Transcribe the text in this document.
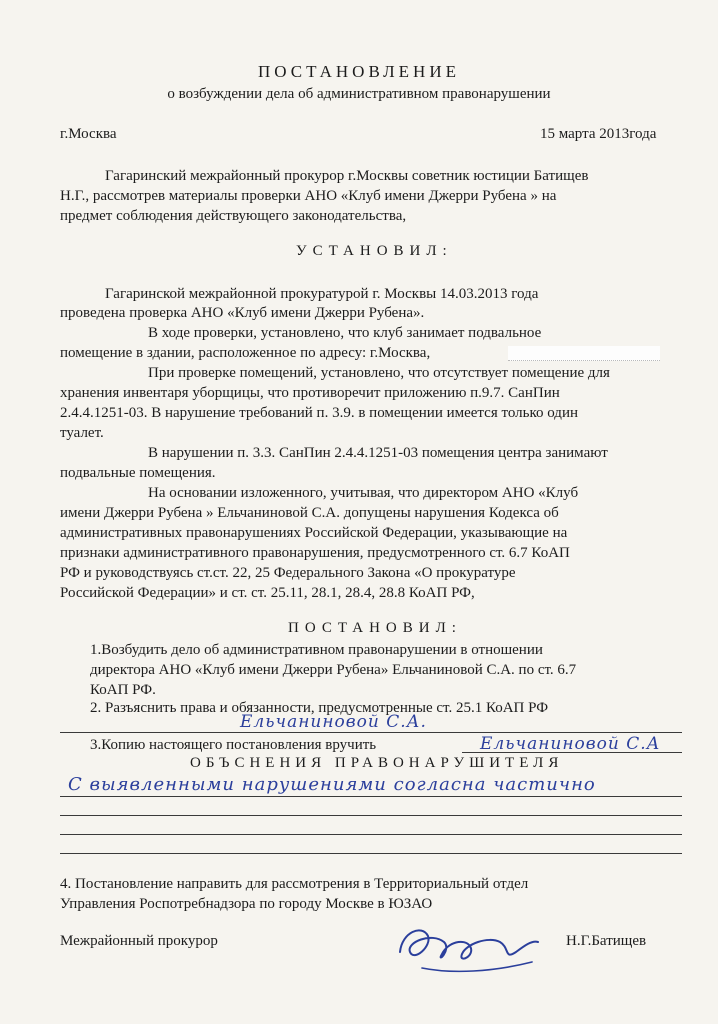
ПОСТАНОВЛЕНИЕ
о возбуждении дела об административном правонарушении
г.Москва	15 марта 2013года
Гагаринский межрайонный прокурор г.Москвы советник юстиции Батищев
Н.Г., рассмотрев материалы проверки АНО «Клуб имени Джерри Рубена » на
предмет соблюдения действующего законодательства,
УСТАНОВИЛ:
Гагаринской межрайонной прокуратурой г. Москвы 14.03.2013 года
проведена проверка АНО «Клуб имени Джерри Рубена».
В ходе проверки, установлено, что клуб занимает подвальное
помещение в здании, расположенное по адресу: г.Москва,
При проверке помещений, установлено, что отсутствует помещение для
хранения инвентаря уборщицы, что противоречит приложению п.9.7. СанПин
2.4.4.1251-03. В нарушение требований п. 3.9. в помещении имеется только один
туалет.
В нарушении п. 3.3. СанПин 2.4.4.1251-03 помещения центра занимают
подвальные помещения.
На основании изложенного, учитывая, что директором АНО «Клуб
имени Джерри Рубена » Ельчаниновой С.А. допущены нарушения Кодекса об
административных правонарушениях Российской Федерации, указывающие на
признаки административного правонарушения, предусмотренного ст. 6.7 КоАП
РФ и руководствуясь ст.ст. 22, 25 Федерального Закона «О прокуратуре
Российской Федерации» и ст. ст. 25.11, 28.1, 28.4, 28.8 КоАП РФ,
ПОСТАНОВИЛ:
1.Возбудить дело об административном правонарушении в отношении
директора АНО «Клуб имени Джерри Рубена» Ельчаниновой С.А. по ст. 6.7
КоАП РФ.
2. Разъяснить права и обязанности, предусмотренные ст. 25.1 КоАП РФ
Ельчаниновой С.А.
3.Копию настоящего постановления вручить	Ельчаниновой С.А
ОБЪСНЕНИЯ ПРАВОНАРУШИТЕЛЯ
С выявленными нарушениями согласна частично
4. Постановление направить для рассмотрения в Территориальный отдел
Управления Роспотребнадзора по городу Москве в ЮЗАО
Межрайонный прокурор	Н.Г.Батищев
